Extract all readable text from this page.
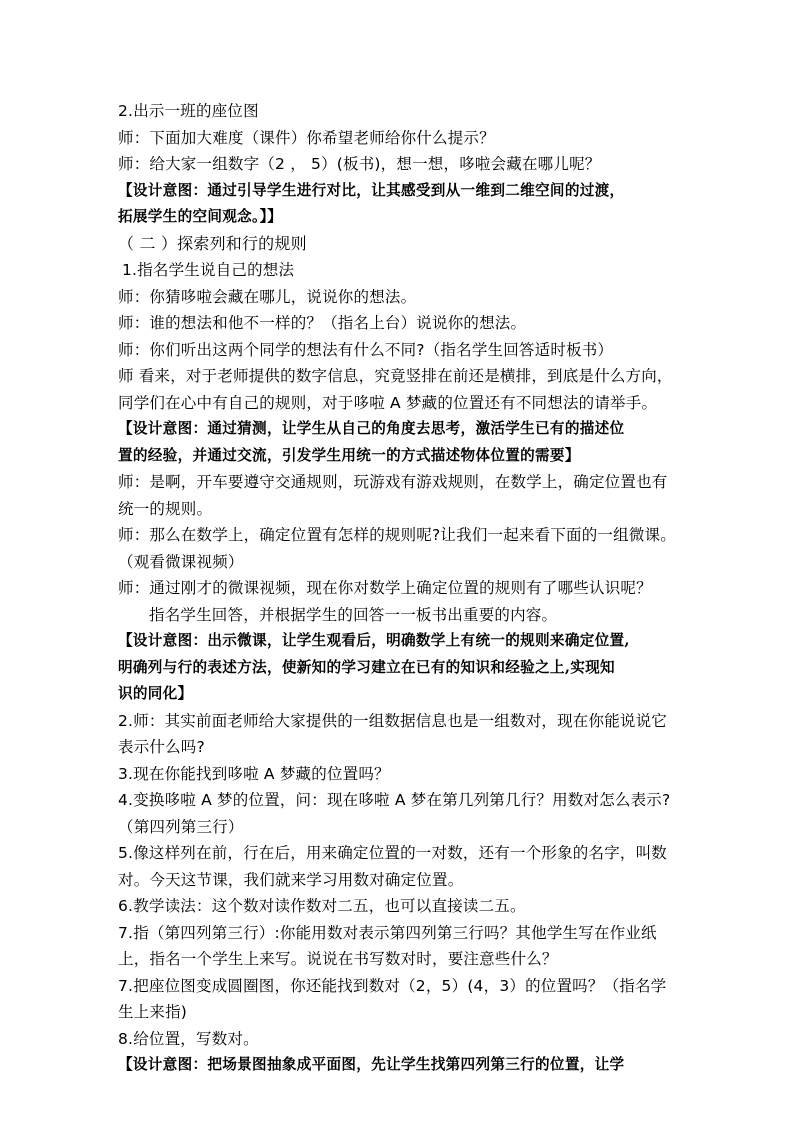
2.出示一班的座位图
师：下面加大难度（课件）你希望老师给你什么提示？
师：给大家一组数字（2 ， 5）(板书)，想一想，哆啦会藏在哪儿呢？
【设计意图：通过引导学生进行对比，让其感受到从一维到二维空间的过渡，
拓展学生的空间观念。】】
（ 二 ）探索列和行的规则
1.指名学生说自己的想法
师：你猜哆啦会藏在哪儿，说说你的想法。
师：谁的想法和他不一样的？（指名上台）说说你的想法。
师：你们听出这两个同学的想法有什么不同?（指名学生回答适时板书）
师 看来，对于老师提供的数字信息，究竟竖排在前还是横排，到底是什么方向，
同学们在心中有自己的规则，对于哆啦 A 梦藏的位置还有不同想法的请举手。
【设计意图：通过猜测，让学生从自己的角度去思考，激活学生已有的描述位
置的经验，并通过交流，引发学生用统一的方式描述物体位置的需要】
师：是啊，开车要遵守交通规则，玩游戏有游戏规则，在数学上，确定位置也有
统一的规则。
师：那么在数学上，确定位置有怎样的规则呢?让我们一起来看下面的一组微课。
（观看微课视频）
师：通过刚才的微课视频，现在你对数学上确定位置的规则有了哪些认识呢？
指名学生回答，并根据学生的回答一一板书出重要的内容。
【设计意图：出示微课，让学生观看后，明确数学上有统一的规则来确定位置,
明确列与行的表述方法，使新知的学习建立在已有的知识和经验之上,实现知
识的同化】
2.师：其实前面老师给大家提供的一组数据信息也是一组数对，现在你能说说它
表示什么吗?
3.现在你能找到哆啦 A 梦藏的位置吗？
4.变换哆啦 A 梦的位置，问：现在哆啦 A 梦在第几列第几行？用数对怎么表示?
（第四列第三行）
5.像这样列在前，行在后，用来确定位置的一对数，还有一个形象的名字，叫数
对。今天这节课，我们就来学习用数对确定位置。
6.教学读法：这个数对读作数对二五，也可以直接读二五。
7.指（第四列第三行）:你能用数对表示第四列第三行吗？其他学生写在作业纸
上，指名一个学生上来写。说说在书写数对时，要注意些什么？
7.把座位图变成圆圈图，你还能找到数对（2，5）(4，3）的位置吗？（指名学
生上来指)
8.给位置，写数对。
【设计意图：把场景图抽象成平面图，先让学生找第四列第三行的位置，让学
